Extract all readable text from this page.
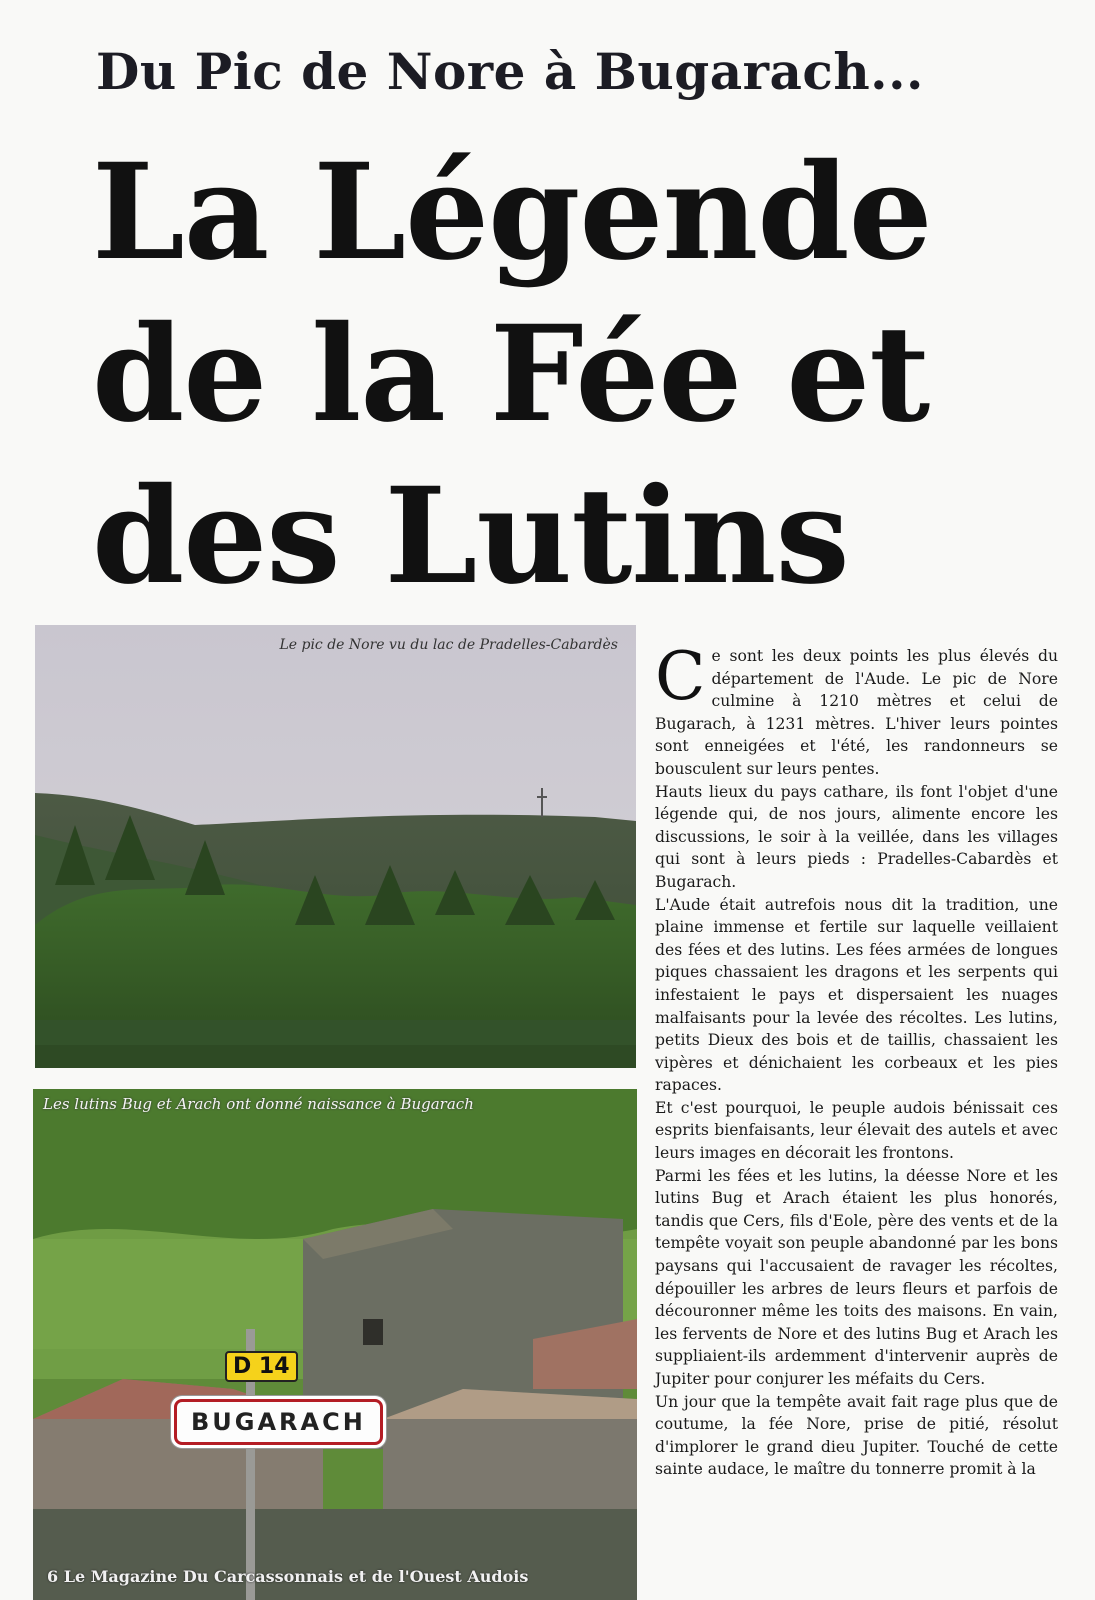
Du Pic de Nore à Bugarach...
La Légende
de la Fée et
des Lutins
Le pic de Nore vu du lac de Pradelles-Cabardès
Les lutins Bug et Arach ont donné naissance à Bugarach
D 14
BUGARACH
6 Le Magazine Du Carcassonnais et de l'Ouest Audois

Ce sont les deux points les plus élevés du département de l'Aude. Le pic de Nore culmine à 1210 mètres et celui de Bugarach, à 1231 mètres. L'hiver leurs pointes sont enneigées et l'été, les randonneurs se bousculent sur leurs pentes.

Hauts lieux du pays cathare, ils font l'objet d'une légende qui, de nos jours, alimente encore les discussions, le soir à la veillée, dans les villages qui sont à leurs pieds : Pradelles-Cabardès et Bugarach.

L'Aude était autrefois nous dit la tradition, une plaine immense et fertile sur laquelle veillaient des fées et des lutins. Les fées armées de longues piques chassaient les dragons et les serpents qui infestaient le pays et dispersaient les nuages malfaisants pour la levée des récoltes. Les lutins, petits Dieux des bois et de taillis, chassaient les vipères et dénichaient les corbeaux et les pies rapaces.

Et c'est pourquoi, le peuple audois bénissait ces esprits bienfaisants, leur élevait des autels et avec leurs images en décorait les frontons.

Parmi les fées et les lutins, la déesse Nore et les lutins Bug et Arach étaient les plus honorés, tandis que Cers, fils d'Eole, père des vents et de la tempête voyait son peuple abandonné par les bons paysans qui l'accusaient de ravager les récoltes, dépouiller les arbres de leurs fleurs et parfois de découronner même les toits des maisons. En vain, les fervents de Nore et des lutins Bug et Arach les suppliaient-ils ardemment d'intervenir auprès de Jupiter pour conjurer les méfaits du Cers.

Un jour que la tempête avait fait rage plus que de coutume, la fée Nore, prise de pitié, résolut d'implorer le grand dieu Jupiter. Touché de cette sainte audace, le maître du tonnerre promit à la
